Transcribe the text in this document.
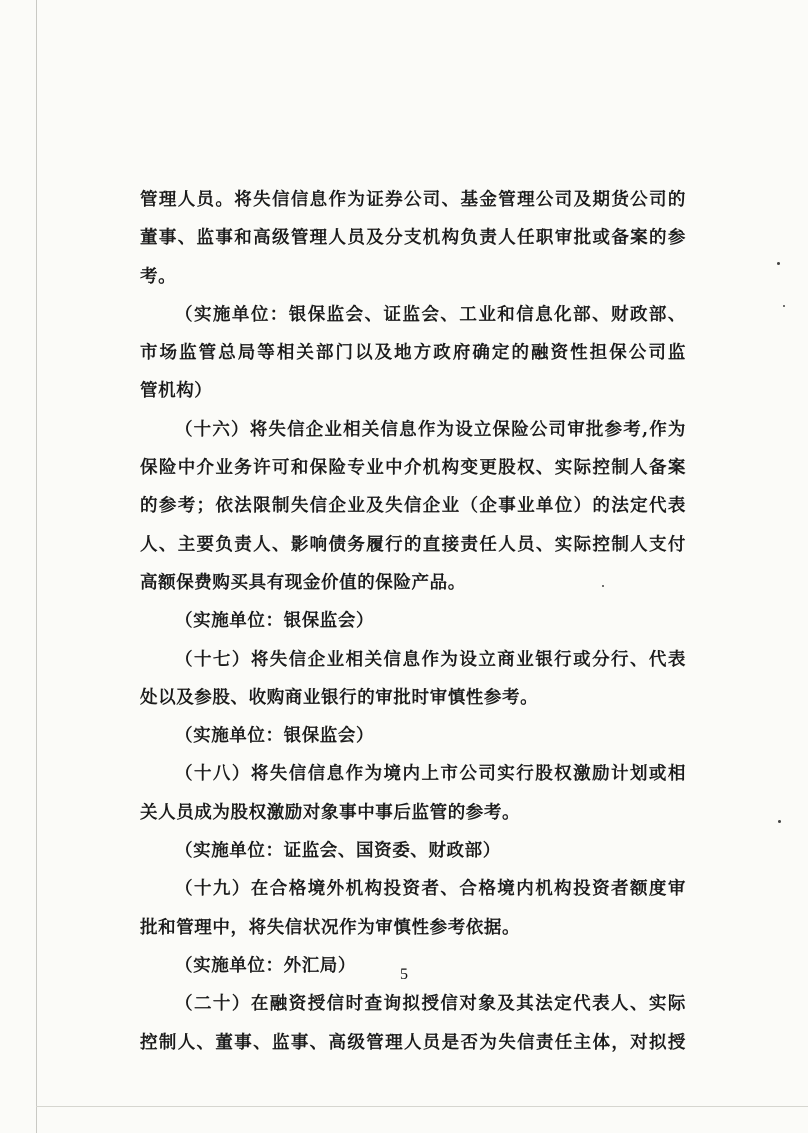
管理人员。将失信信息作为证券公司、基金管理公司及期货公司的
董事、监事和高级管理人员及分支机构负责人任职审批或备案的参
考。
（实施单位：银保监会、证监会、工业和信息化部、财政部、
市场监管总局等相关部门以及地方政府确定的融资性担保公司监
管机构）
（十六）将失信企业相关信息作为设立保险公司审批参考,作为
保险中介业务许可和保险专业中介机构变更股权、实际控制人备案
的参考；依法限制失信企业及失信企业（企事业单位）的法定代表
人、主要负责人、影响债务履行的直接责任人员、实际控制人支付
高额保费购买具有现金价值的保险产品。
（实施单位：银保监会）
（十七）将失信企业相关信息作为设立商业银行或分行、代表
处以及参股、收购商业银行的审批时审慎性参考。
（实施单位：银保监会）
（十八）将失信信息作为境内上市公司实行股权激励计划或相
关人员成为股权激励对象事中事后监管的参考。
（实施单位：证监会、国资委、财政部）
（十九）在合格境外机构投资者、合格境内机构投资者额度审
批和管理中，将失信状况作为审慎性参考依据。
（实施单位：外汇局）
（二十）在融资授信时查询拟授信对象及其法定代表人、实际
控制人、董事、监事、高级管理人员是否为失信责任主体，对拟授
5
